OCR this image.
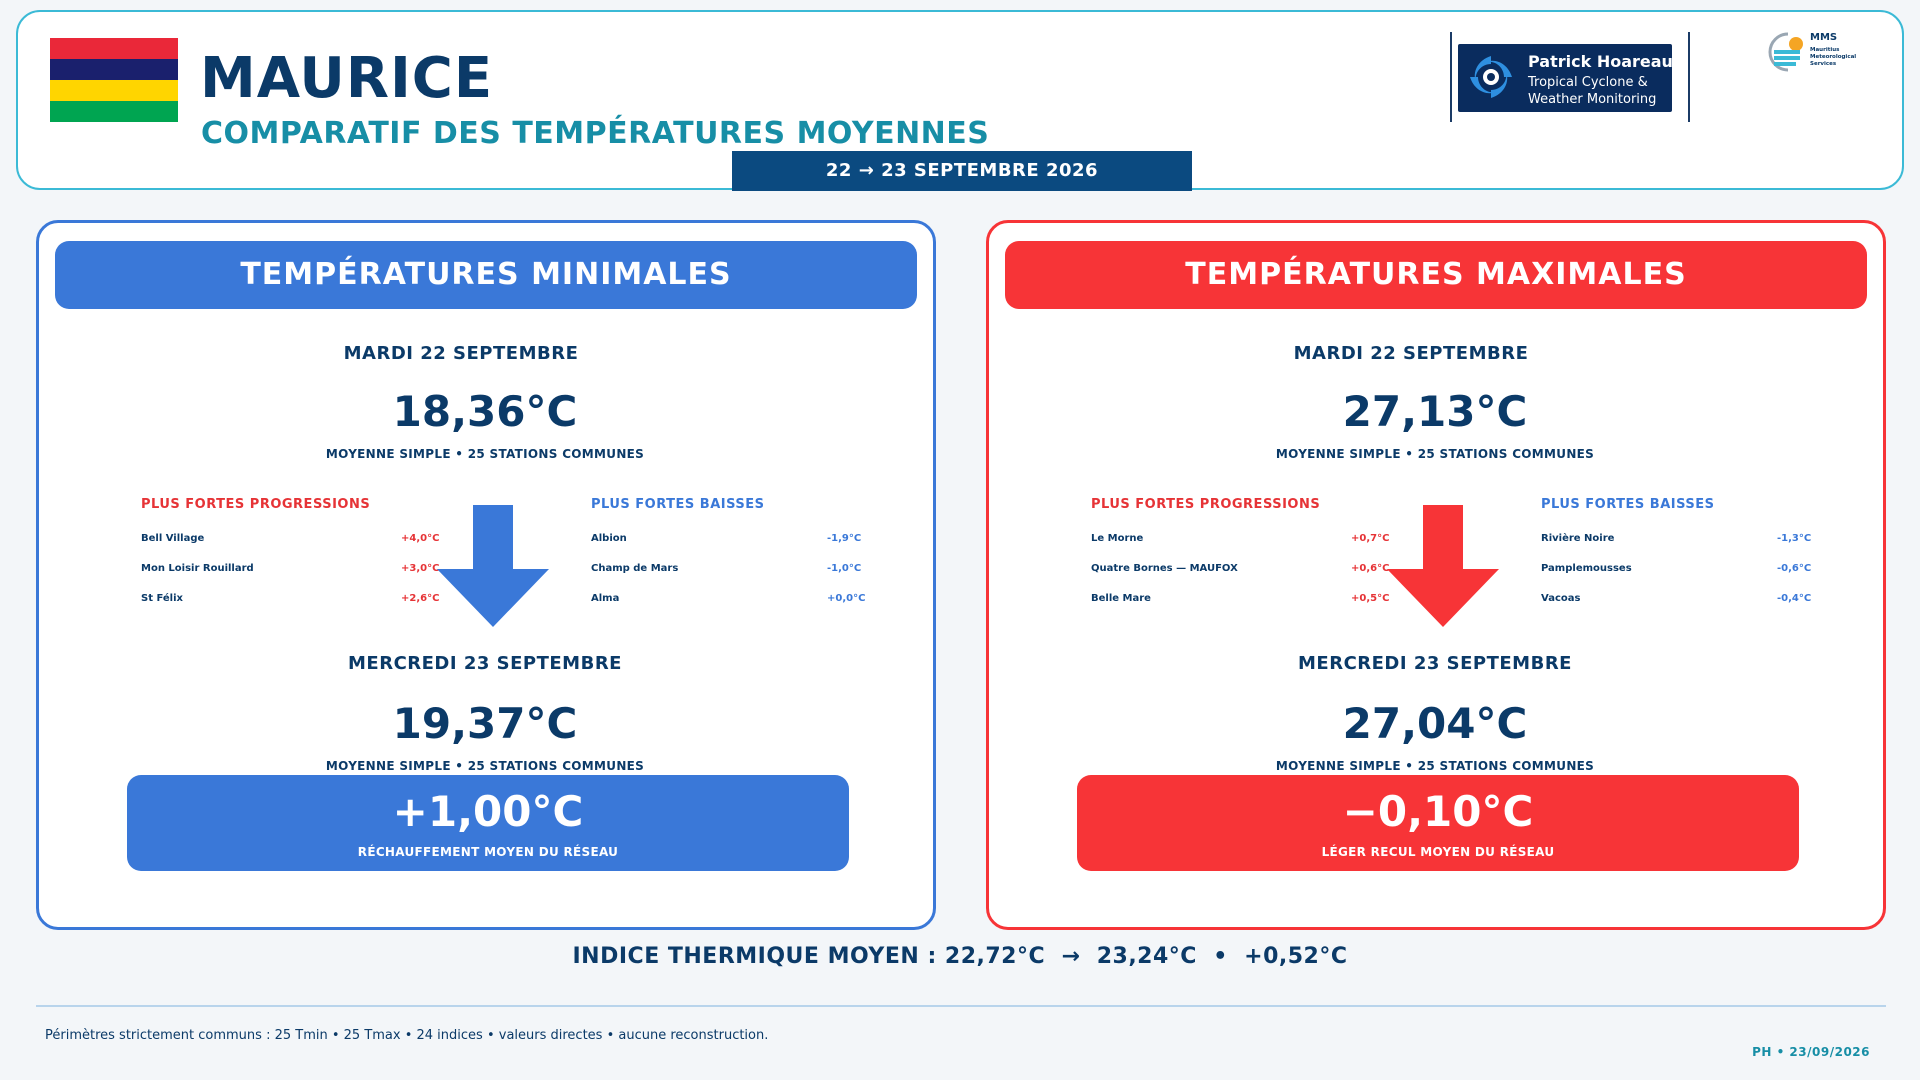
MAURICE
COMPARATIF DES TEMPÉRATURES MOYENNES
Patrick Hoareau
Tropical Cyclone &
Weather Monitoring
MMS
Mauritius
Meteorological
Services
22 → 23 SEPTEMBRE 2026
TEMPÉRATURES MINIMALES
MARDI 22 SEPTEMBRE
18,36°C
MOYENNE SIMPLE • 25 STATIONS COMMUNES
PLUS FORTES PROGRESSIONS
Bell Village	+4,0°C
Mon Loisir Rouillard	+3,0°C
St Félix	+2,6°C
PLUS FORTES BAISSES
Albion	-1,9°C
Champ de Mars	-1,0°C
Alma	+0,0°C
MERCREDI 23 SEPTEMBRE
19,37°C
MOYENNE SIMPLE • 25 STATIONS COMMUNES
+1,00°C
RÉCHAUFFEMENT MOYEN DU RÉSEAU
TEMPÉRATURES MAXIMALES
MARDI 22 SEPTEMBRE
27,13°C
MOYENNE SIMPLE • 25 STATIONS COMMUNES
PLUS FORTES PROGRESSIONS
Le Morne	+0,7°C
Quatre Bornes — MAUFOX	+0,6°C
Belle Mare	+0,5°C
PLUS FORTES BAISSES
Rivière Noire	-1,3°C
Pamplemousses	-0,6°C
Vacoas	-0,4°C
MERCREDI 23 SEPTEMBRE
27,04°C
MOYENNE SIMPLE • 25 STATIONS COMMUNES
−0,10°C
LÉGER RECUL MOYEN DU RÉSEAU
INDICE THERMIQUE MOYEN : 22,72°C  →  23,24°C  •  +0,52°C
Périmètres strictement communs : 25 Tmin • 25 Tmax • 24 indices • valeurs directes • aucune reconstruction.
PH • 23/09/2026
